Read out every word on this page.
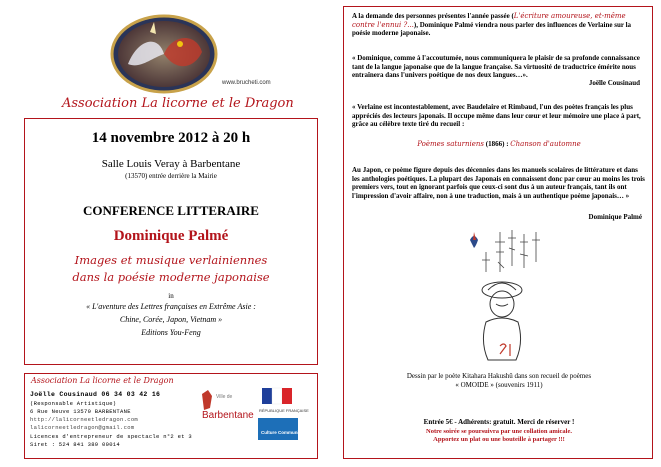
www.brucheti.com
Association La licorne et le Dragon
14 novembre 2012 à 20 h
Salle Louis Veray à Barbentane
(13570) entrée derrière la Mairie
CONFERENCE LITTERAIRE
Dominique Palmé
Images et musique verlainiennes
dans la poésie moderne japonaise
in
« L'aventure des Lettres françaises en Extrême Asie :
Chine, Corée, Japon, Vietnam »
Editions You-Feng
Association La licorne et le Dragon
Joëlle Cousinaud 06 34 03 42 16
(Responsable Artistique)
6 Rue Neuve 13570 BARBENTANE
http://lalicorneetledragon.com
lalicorneetledragon@gmail.com
Licences d'entrepreneur de spectacle n°2 et 3
Siret : 524 841 389 00014
Ville de
Barbentane RÉPUBLIQUE FRANÇAISE
Culture Communication
A la demande des personnes présentes l'année passée (L'écriture amoureuse, et-même contre l'ennui ?...), Dominique Palmé viendra nous parler des influences de Verlaine sur la poésie moderne japonaise.
« Dominique, comme à l'accoutumée, nous communiquera le plaisir de sa profonde connaissance tant de la langue japonaise que de la langue française. Sa virtuosité de traductrice émérite nous entraînera dans l'univers poétique de nos deux langues…».
Joëlle Cousinaud
« Verlaine est incontestablement, avec Baudelaire et Rimbaud, l'un des poètes français les plus appréciés des lecteurs japonais. Il occupe même dans leur cœur et leur mémoire une place à part, grâce au célèbre texte tiré du recueil :
Poèmes saturniens (1866) : Chanson d'automne
Au Japon, ce poème figure depuis des décennies dans les manuels scolaires de littérature et dans les anthologies poétiques. La plupart des Japonais en connaissent donc par cœur au moins les trois premiers vers, tout en ignorant parfois que ceux-ci sont dus à un auteur français, tant ils ont l'impression d'avoir affaire, non à une traduction, mais à un authentique poème japonais… »
Dominique Palmé
Dessin par le poète Kitahara Hakushû dans son recueil de poèmes
« OMOIDE » (souvenirs 1911)
Entrée 5€ - Adhérents: gratuit. Merci de réserver !
Notre soirée se poursuivra par une collation amicale.
Apportez un plat ou une bouteille à partager !!!
